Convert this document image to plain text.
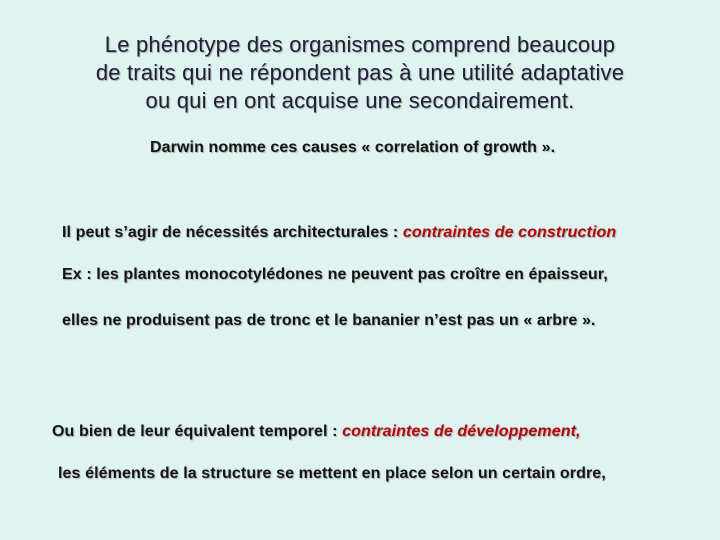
Le phénotype des organismes comprend beaucoup
de traits qui ne répondent pas à une utilité adaptative
ou qui en ont acquise une secondairement.
Darwin nomme ces causes « correlation of growth ».
Il peut s’agir de nécessités architecturales : contraintes de construction
Ex : les plantes monocotylédones ne peuvent pas croître en épaisseur,
elles ne produisent pas de tronc et le bananier n’est pas un « arbre ».
Ou bien de leur équivalent temporel : contraintes de développement,
les éléments de la structure se mettent en place selon un certain ordre,
